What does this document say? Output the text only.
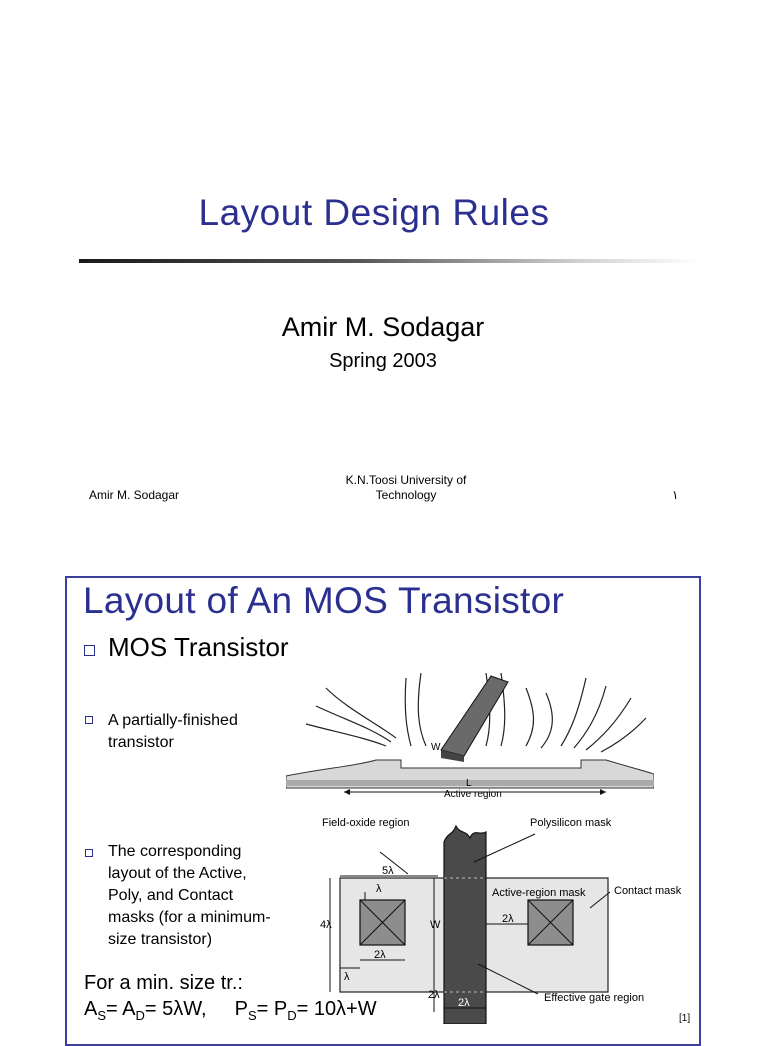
Layout Design Rules
Amir M. Sodagar
Spring 2003
Amir M. Sodagar
K.N.Toosi University of
Technology	١
Layout of An MOS Transistor
MOS Transistor
A partially-finished
transistor
The corresponding
layout of the Active,
Poly, and Contact
masks (for a minimum-
size transistor)
For a min. size tr.:
$A_S= A_D= 5\lambda W$, $P_S= P_D= 10\lambda+W$	[1]
Active region
W
L
Field-oxide region	Polysilicon mask
Active-region mask	Contact mask
Effective gate region
5λ
λ
4λ
2λ
W	2λ
λ
2λ
2λ
